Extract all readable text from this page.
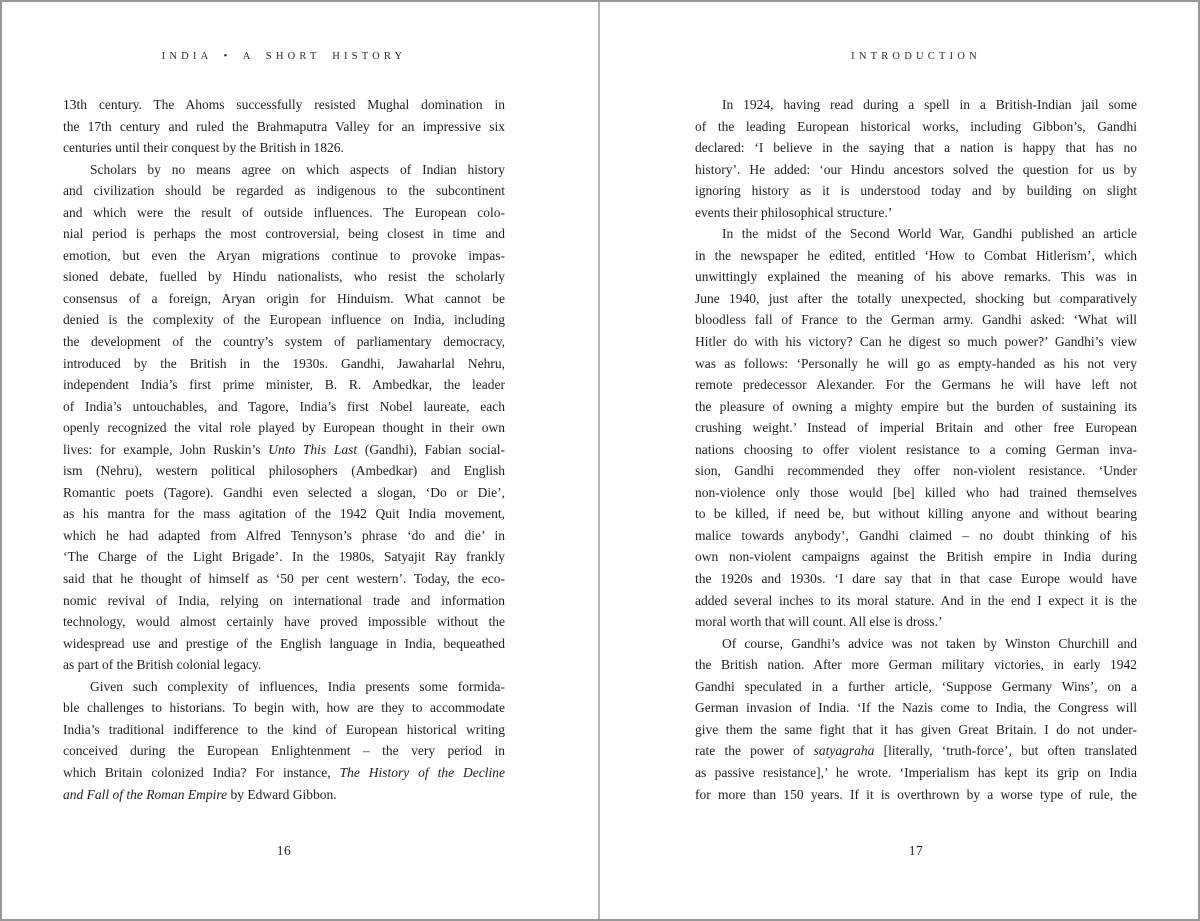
INDIA • A SHORT HISTORY
13th century. The Ahoms successfully resisted Mughal domination in
the 17th century and ruled the Brahmaputra Valley for an impressive six
centuries until their conquest by the British in 1826.
Scholars by no means agree on which aspects of Indian history
and civilization should be regarded as indigenous to the subcontinent
and which were the result of outside influences. The European colo-
nial period is perhaps the most controversial, being closest in time and
emotion, but even the Aryan migrations continue to provoke impas-
sioned debate, fuelled by Hindu nationalists, who resist the scholarly
consensus of a foreign, Aryan origin for Hinduism. What cannot be
denied is the complexity of the European influence on India, including
the development of the country’s system of parliamentary democracy,
introduced by the British in the 1930s. Gandhi, Jawaharlal Nehru,
independent India’s first prime minister, B. R. Ambedkar, the leader
of India’s untouchables, and Tagore, India’s first Nobel laureate, each
openly recognized the vital role played by European thought in their own
lives: for example, John Ruskin’s Unto This Last (Gandhi), Fabian social-
ism (Nehru), western political philosophers (Ambedkar) and English
Romantic poets (Tagore). Gandhi even selected a slogan, ‘Do or Die’,
as his mantra for the mass agitation of the 1942 Quit India movement,
which he had adapted from Alfred Tennyson’s phrase ‘do and die’ in
‘The Charge of the Light Brigade’. In the 1980s, Satyajit Ray frankly
said that he thought of himself as ‘50 per cent western’. Today, the eco-
nomic revival of India, relying on international trade and information
technology, would almost certainly have proved impossible without the
widespread use and prestige of the English language in India, bequeathed
as part of the British colonial legacy.
Given such complexity of influences, India presents some formida-
ble challenges to historians. To begin with, how are they to accommodate
India’s traditional indifference to the kind of European historical writing
conceived during the European Enlightenment – the very period in
which Britain colonized India? For instance, The History of the Decline
and Fall of the Roman Empire by Edward Gibbon.
16
INTRODUCTION
In 1924, having read during a spell in a British-Indian jail some
of the leading European historical works, including Gibbon’s, Gandhi
declared: ‘I believe in the saying that a nation is happy that has no
history’. He added: ‘our Hindu ancestors solved the question for us by
ignoring history as it is understood today and by building on slight
events their philosophical structure.’
In the midst of the Second World War, Gandhi published an article
in the newspaper he edited, entitled ‘How to Combat Hitlerism’, which
unwittingly explained the meaning of his above remarks. This was in
June 1940, just after the totally unexpected, shocking but comparatively
bloodless fall of France to the German army. Gandhi asked: ‘What will
Hitler do with his victory? Can he digest so much power?’ Gandhi’s view
was as follows: ‘Personally he will go as empty-handed as his not very
remote predecessor Alexander. For the Germans he will have left not
the pleasure of owning a mighty empire but the burden of sustaining its
crushing weight.’ Instead of imperial Britain and other free European
nations choosing to offer violent resistance to a coming German inva-
sion, Gandhi recommended they offer non-violent resistance. ‘Under
non-violence only those would [be] killed who had trained themselves
to be killed, if need be, but without killing anyone and without bearing
malice towards anybody’, Gandhi claimed – no doubt thinking of his
own non-violent campaigns against the British empire in India during
the 1920s and 1930s. ‘I dare say that in that case Europe would have
added several inches to its moral stature. And in the end I expect it is the
moral worth that will count. All else is dross.’
Of course, Gandhi’s advice was not taken by Winston Churchill and
the British nation. After more German military victories, in early 1942
Gandhi speculated in a further article, ‘Suppose Germany Wins’, on a
German invasion of India. ‘If the Nazis come to India, the Congress will
give them the same fight that it has given Great Britain. I do not under-
rate the power of satyagraha [literally, ‘truth-force’, but often translated
as passive resistance],’ he wrote. ‘Imperialism has kept its grip on India
for more than 150 years. If it is overthrown by a worse type of rule, the
17
